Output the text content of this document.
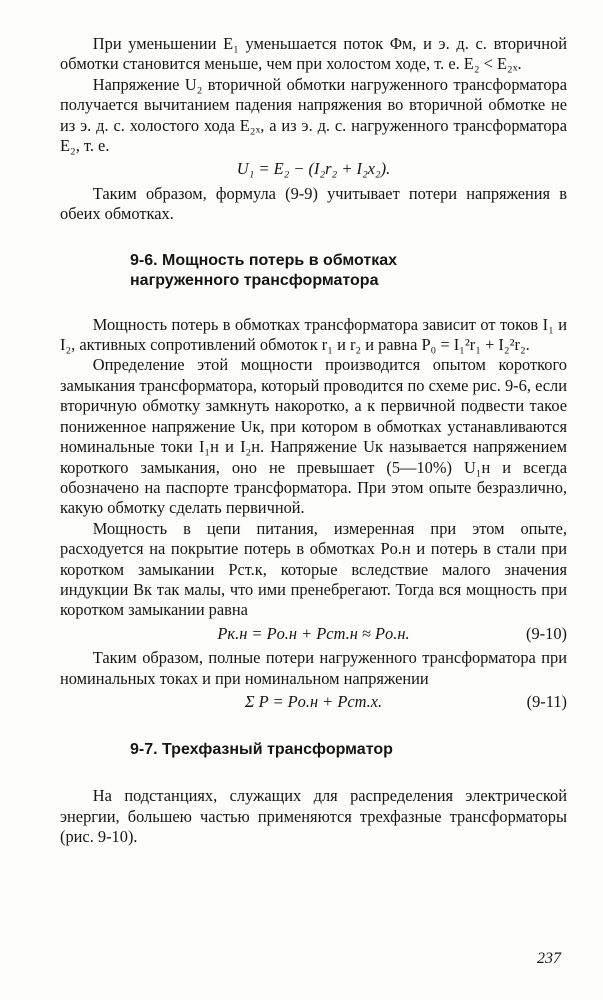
При уменьшении E₁ уменьшается поток Φм, и э. д. с. вторичной обмотки становится меньше, чем при холостом ходе, т. е. E₂ < E₂ₓ.

Напряжение U₂ вторичной обмотки нагруженного трансформатора получается вычитанием падения напряжения во вторичной обмотке не из э. д. с. холостого хода E₂ₓ, а из э. д. с. нагруженного трансформатора E₂, т. е.

U₁ = E₂ − (I₂r₂ + I₂x₂).

Таким образом, формула (9-9) учитывает потери напряжения в обеих обмотках.

9-6. Мощность потерь в обмотках
нагруженного трансформатора

Мощность потерь в обмотках трансформатора зависит от токов I₁ и I₂, активных сопротивлений обмоток r₁ и r₂ и равна P₀ = I₁²r₁ + I₂²r₂.

Определение этой мощности производится опытом короткого замыкания трансформатора, который проводится по схеме рис. 9-6, если вторичную обмотку замкнуть накоротко, а к первичной подвести такое пониженное напряжение Uк, при котором в обмотках устанавливаются номинальные токи I₁н и I₂н. Напряжение Uк называется напряжением короткого замыкания, оно не превышает (5—10%) U₁н и всегда обозначено на паспорте трансформатора. При этом опыте безразлично, какую обмотку сделать первичной.

Мощность в цепи питания, измеренная при этом опыте, расходуется на покрытие потерь в обмотках Pо.н и потерь в стали при коротком замыкании Pст.к, которые вследствие малого значения индукции Bк так малы, что ими пренебрегают. Тогда вся мощность при коротком замыкании равна

Pк.н = Pо.н + Pст.н ≈ Pо.н.	(9-10)

Таким образом, полные потери нагруженного трансформатора при номинальных токах и при номинальном напряжении

Σ P = Pо.н + Pст.х.	(9-11)
9-7. Трехфазный трансформатор

На подстанциях, служащих для распределения электрической энергии, большею частью применяются трехфазные трансформаторы (рис. 9-10).

237
